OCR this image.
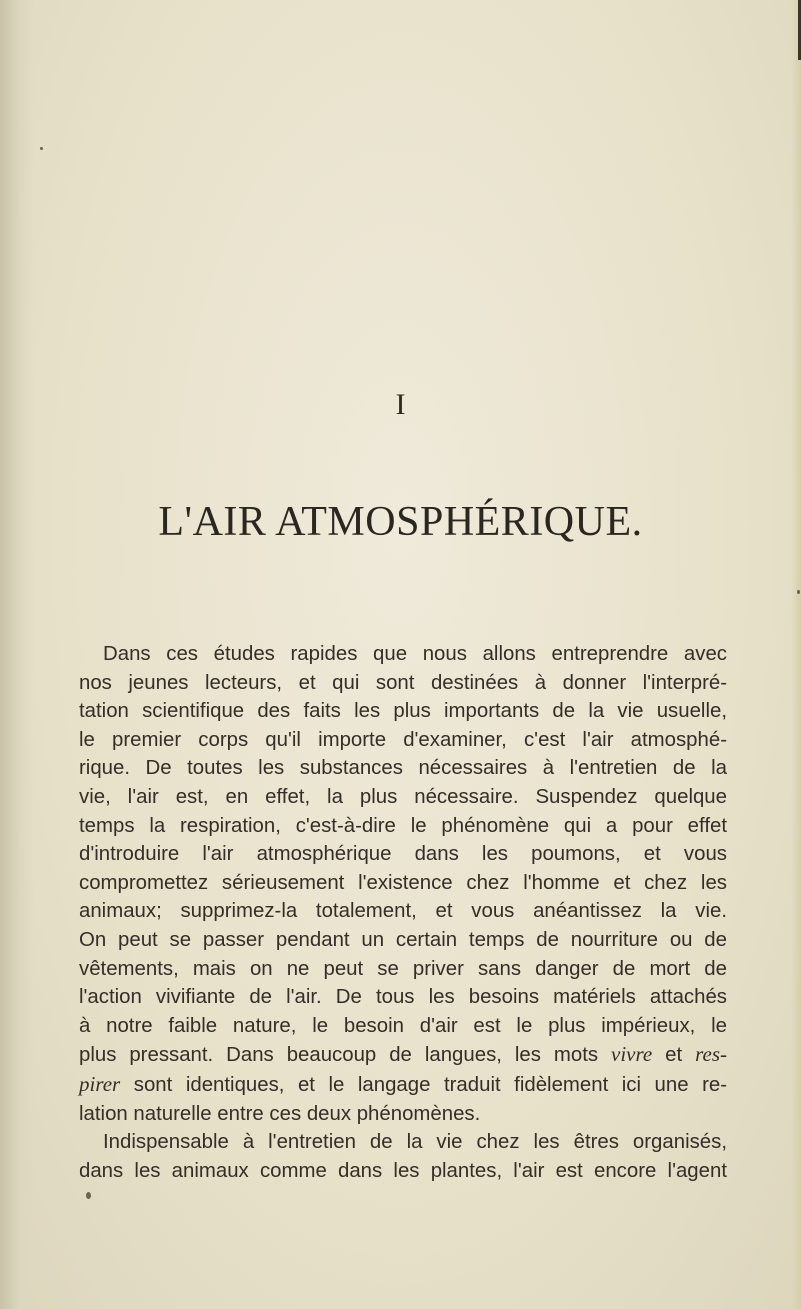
I
L'AIR ATMOSPHÉRIQUE.
Dans ces études rapides que nous allons entreprendre avec
nos jeunes lecteurs, et qui sont destinées à donner l'interpré-
tation scientifique des faits les plus importants de la vie usuelle,
le premier corps qu'il importe d'examiner, c'est l'air atmosphé-
rique. De toutes les substances nécessaires à l'entretien de la
vie, l'air est, en effet, la plus nécessaire. Suspendez quelque
temps la respiration, c'est-à-dire le phénomène qui a pour effet
d'introduire l'air atmosphérique dans les poumons, et vous
compromettez sérieusement l'existence chez l'homme et chez les
animaux; supprimez-la totalement, et vous anéantissez la vie.
On peut se passer pendant un certain temps de nourriture ou de
vêtements, mais on ne peut se priver sans danger de mort de
l'action vivifiante de l'air. De tous les besoins matériels attachés
à notre faible nature, le besoin d'air est le plus impérieux, le
plus pressant. Dans beaucoup de langues, les mots vivre et res-
pirer sont identiques, et le langage traduit fidèlement ici une re-
lation naturelle entre ces deux phénomènes.
Indispensable à l'entretien de la vie chez les êtres organisés,
dans les animaux comme dans les plantes, l'air est encore l'agent
